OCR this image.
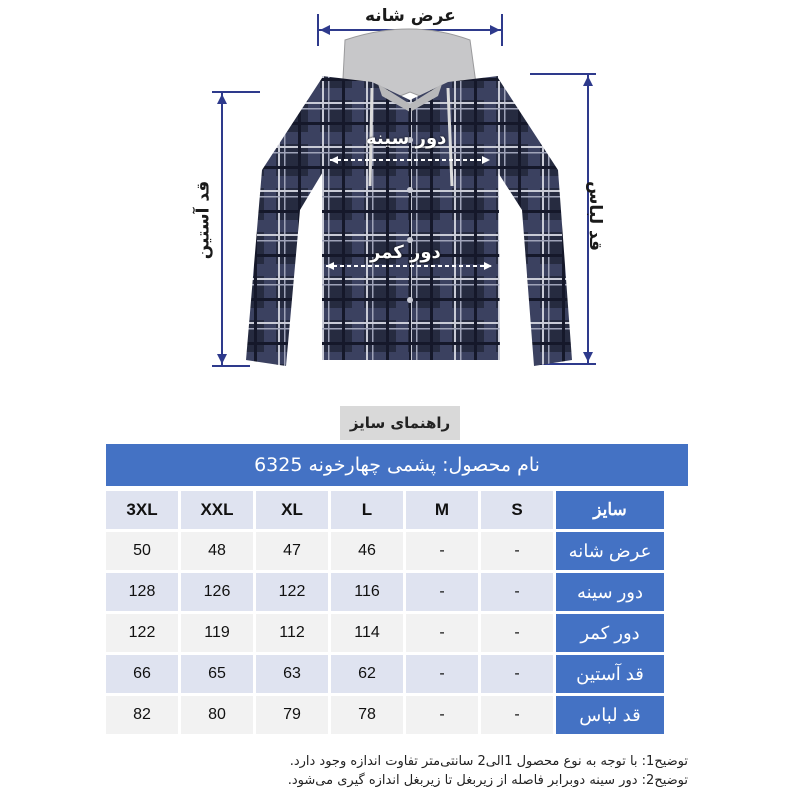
عرض شانه
دور سینه
دور کمر
قد آستین	قد لباس
راهنمای سایز
نام محصول: پشمی چهارخونه 6325
3XL	XXL	XL	L	M	S	سایز
50	48	47	46	-	-	عرض شانه
128	126	122	116	-	-	دور سینه
122	119	112	114	-	-	دور کمر
66	65	63	62	-	-	قد آستین
82	80	79	78	-	-	قد لباس
توضیح1: با توجه به نوع محصول 1الی2 سانتی‌متر تفاوت اندازه وجود دارد.
توضیح2: دور سینه دوبرابر فاصله از زیربغل تا زیربغل اندازه گیری می‌شود.
